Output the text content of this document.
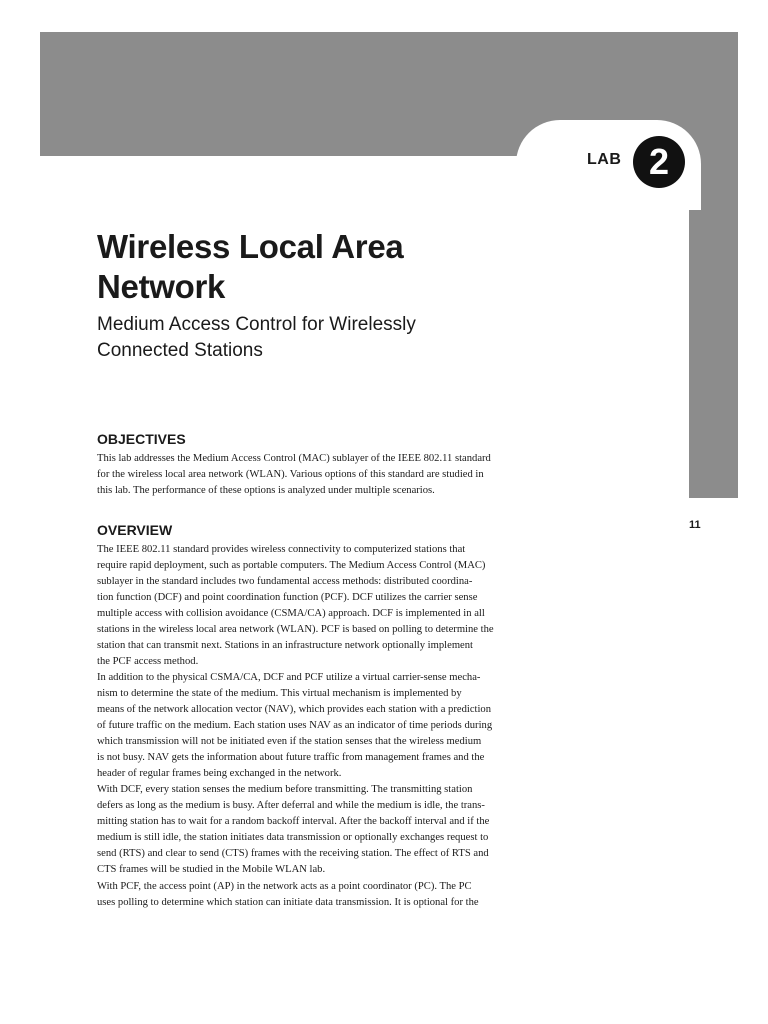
LAB 2
11
Wireless Local Area
Network
Medium Access Control for Wirelessly
Connected Stations
OBJECTIVES
This lab addresses the Medium Access Control (MAC) sublayer of the IEEE 802.11 standard
for the wireless local area network (WLAN). Various options of this standard are studied in
this lab. The performance of these options is analyzed under multiple scenarios.
OVERVIEW
The IEEE 802.11 standard provides wireless connectivity to computerized stations that
require rapid deployment, such as portable computers. The Medium Access Control (MAC)
sublayer in the standard includes two fundamental access methods: distributed coordina-
tion function (DCF) and point coordination function (PCF). DCF utilizes the carrier sense
multiple access with collision avoidance (CSMA/CA) approach. DCF is implemented in all
stations in the wireless local area network (WLAN). PCF is based on polling to determine the
station that can transmit next. Stations in an infrastructure network optionally implement
the PCF access method.
In addition to the physical CSMA/CA, DCF and PCF utilize a virtual carrier-sense mecha-
nism to determine the state of the medium. This virtual mechanism is implemented by
means of the network allocation vector (NAV), which provides each station with a prediction
of future traffic on the medium. Each station uses NAV as an indicator of time periods during
which transmission will not be initiated even if the station senses that the wireless medium
is not busy. NAV gets the information about future traffic from management frames and the
header of regular frames being exchanged in the network.
With DCF, every station senses the medium before transmitting. The transmitting station
defers as long as the medium is busy. After deferral and while the medium is idle, the trans-
mitting station has to wait for a random backoff interval. After the backoff interval and if the
medium is still idle, the station initiates data transmission or optionally exchanges request to
send (RTS) and clear to send (CTS) frames with the receiving station. The effect of RTS and
CTS frames will be studied in the Mobile WLAN lab.
With PCF, the access point (AP) in the network acts as a point coordinator (PC). The PC
uses polling to determine which station can initiate data transmission. It is optional for the
